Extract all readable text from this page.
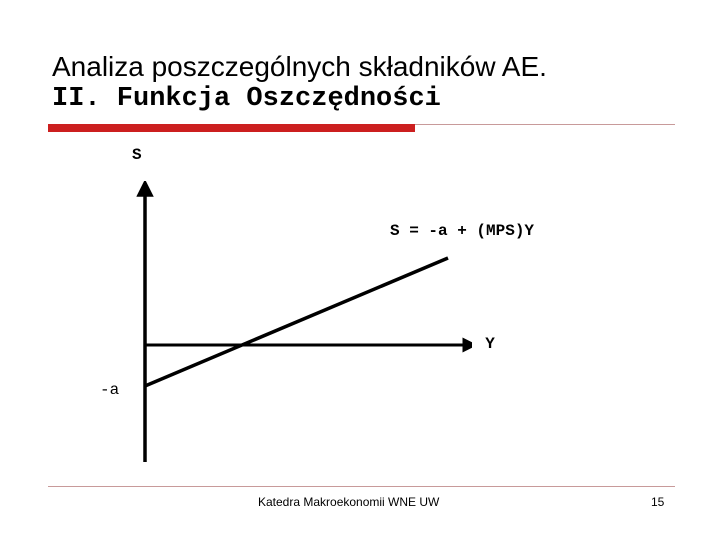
Analiza poszczególnych składników AE.
II. Funkcja Oszczędności
S
S = -a + (MPS)Y
Y
-a
Katedra Makroekonomii WNE UW	15
